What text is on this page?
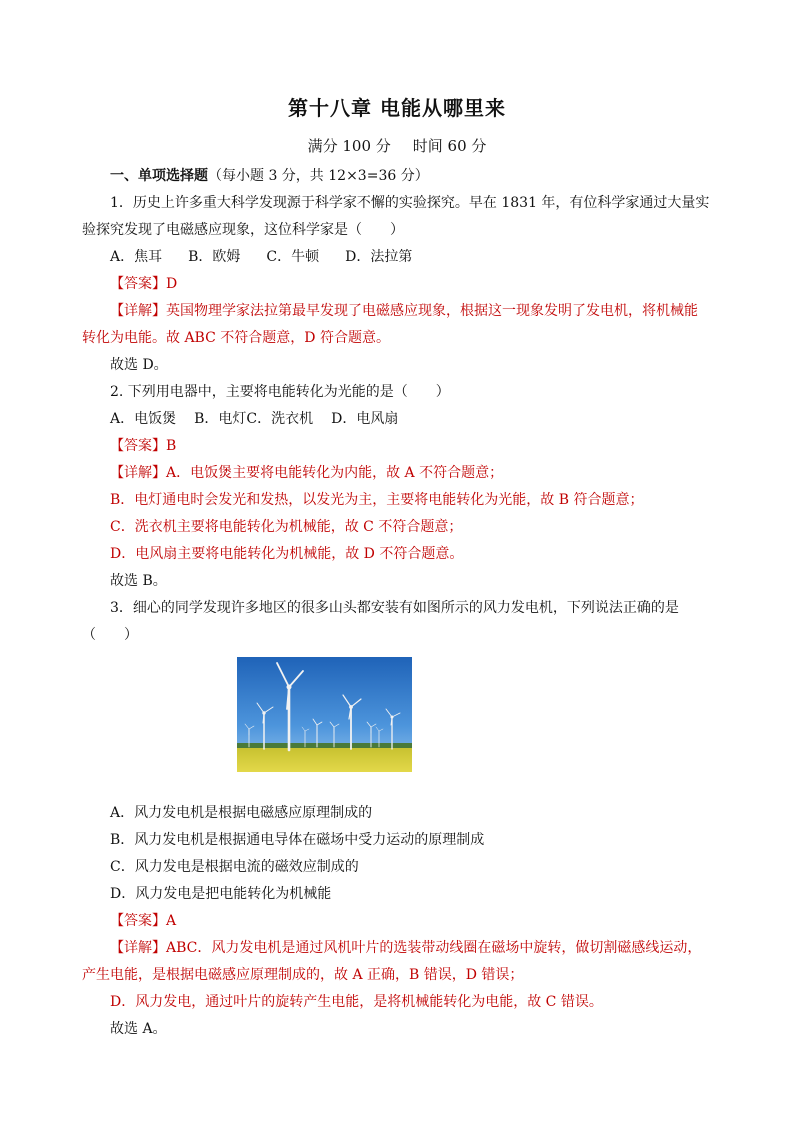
第十八章 电能从哪里来
满分 100 分 时间 60 分
一、单项选择题（每小题 3 分，共 12×3=36 分）
1．历史上许多重大科学发现源于科学家不懈的实验探究。早在 1831 年，有位科学家通过大量实
验探究发现了电磁感应现象，这位科学家是（　　）
A．焦耳 B．欧姆 C．牛顿 D．法拉第
【答案】D
【详解】英国物理学家法拉第最早发现了电磁感应现象，根据这一现象发明了发电机，将机械能
转化为电能。故 ABC 不符合题意，D 符合题意。
故选 D。
2. 下列用电器中，主要将电能转化为光能的是（　　）
A．电饭煲 B．电灯C．洗衣机 D．电风扇
【答案】B
【详解】A．电饭煲主要将电能转化为内能，故 A 不符合题意；
B．电灯通电时会发光和发热，以发光为主，主要将电能转化为光能，故 B 符合题意；
C．洗衣机主要将电能转化为机械能，故 C 不符合题意；
D．电风扇主要将电能转化为机械能，故 D 不符合题意。
故选 B。
3．细心的同学发现许多地区的很多山头都安装有如图所示的风力发电机，下列说法正确的是
（　　）
A．风力发电机是根据电磁感应原理制成的
B．风力发电机是根据通电导体在磁场中受力运动的原理制成
C．风力发电是根据电流的磁效应制成的
D．风力发电是把电能转化为机械能
【答案】A
【详解】ABC．风力发电机是通过风机叶片的选装带动线圈在磁场中旋转，做切割磁感线运动，
产生电能，是根据电磁感应原理制成的，故 A 正确，B 错误，D 错误；
D．风力发电，通过叶片的旋转产生电能，是将机械能转化为电能，故 C 错误。
故选 A。
